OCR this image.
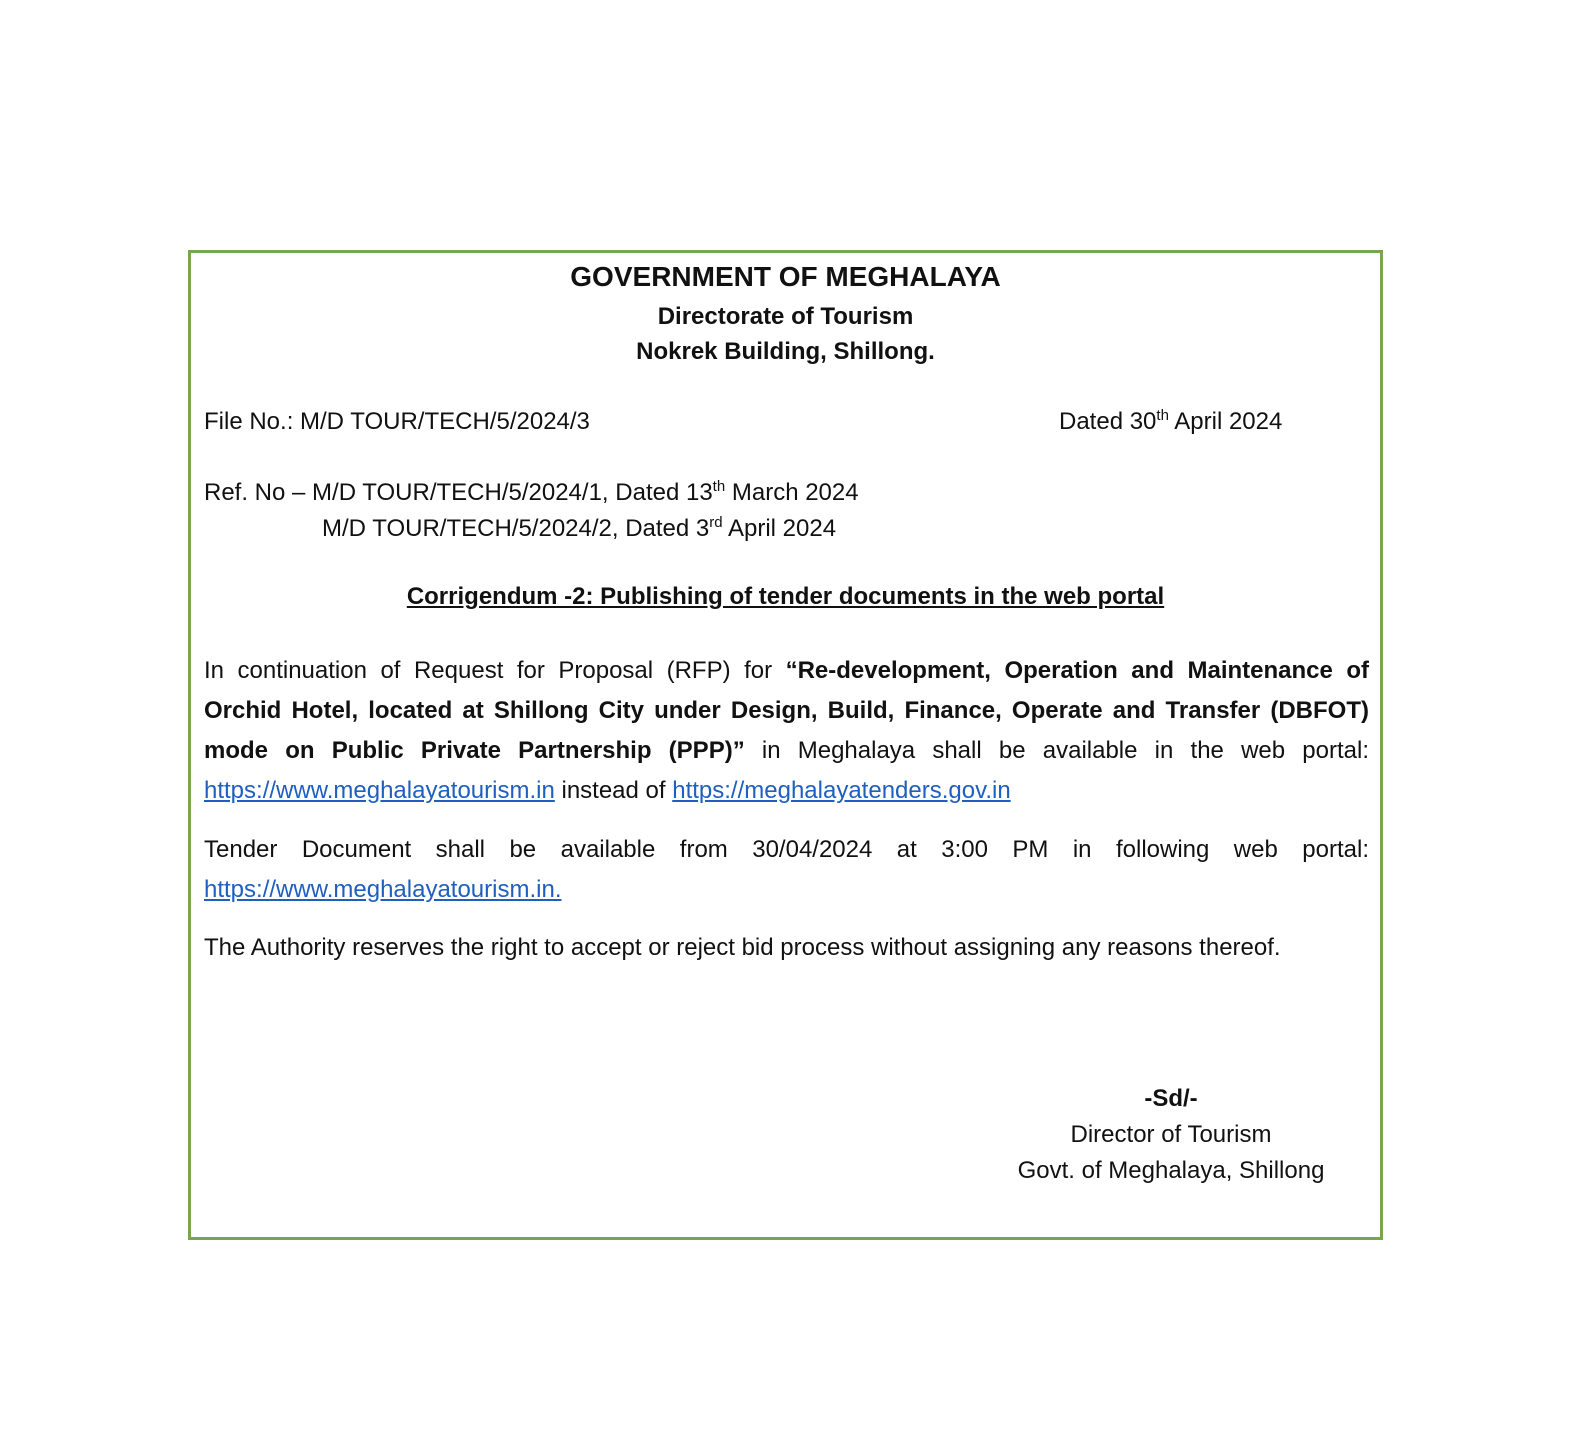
GOVERNMENT OF MEGHALAYA
Directorate of Tourism
Nokrek Building, Shillong.
File No.: M/D TOUR/TECH/5/2024/3	Dated 30th April 2024
Ref. No – M/D TOUR/TECH/5/2024/1, Dated 13th March 2024
M/D TOUR/TECH/5/2024/2, Dated 3rd April 2024
Corrigendum -2: Publishing of tender documents in the web portal
In continuation of Request for Proposal (RFP) for “Re-development, Operation and Maintenance of Orchid Hotel, located at Shillong City under Design, Build, Finance, Operate and Transfer (DBFOT) mode on Public Private Partnership (PPP)” in Meghalaya shall be available in the web portal: https://www.meghalayatourism.in instead of https://meghalayatenders.gov.in
Tender Document shall be available from 30/04/2024 at 3:00 PM in following web portal: https://www.meghalayatourism.in.
The Authority reserves the right to accept or reject bid process without assigning any reasons thereof.
-Sd/-
Director of Tourism
Govt. of Meghalaya, Shillong
